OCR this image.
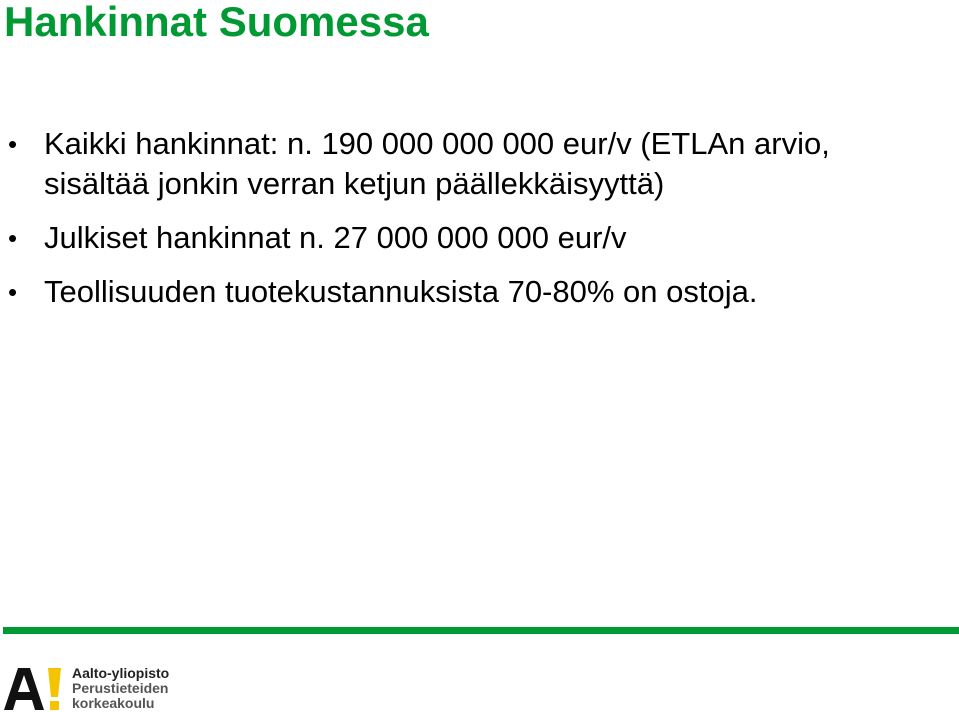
Hankinnat Suomessa
• Kaikki hankinnat: n. 190 000 000 000 eur/v (ETLAn arvio, sisältää jonkin verran ketjun päällekkäisyyttä)
• Julkiset hankinnat n. 27 000 000 000 eur/v
• Teollisuuden tuotekustannuksista 70-80% on ostoja.
Aalto-yliopisto
Perustieteiden
korkeakoulu
